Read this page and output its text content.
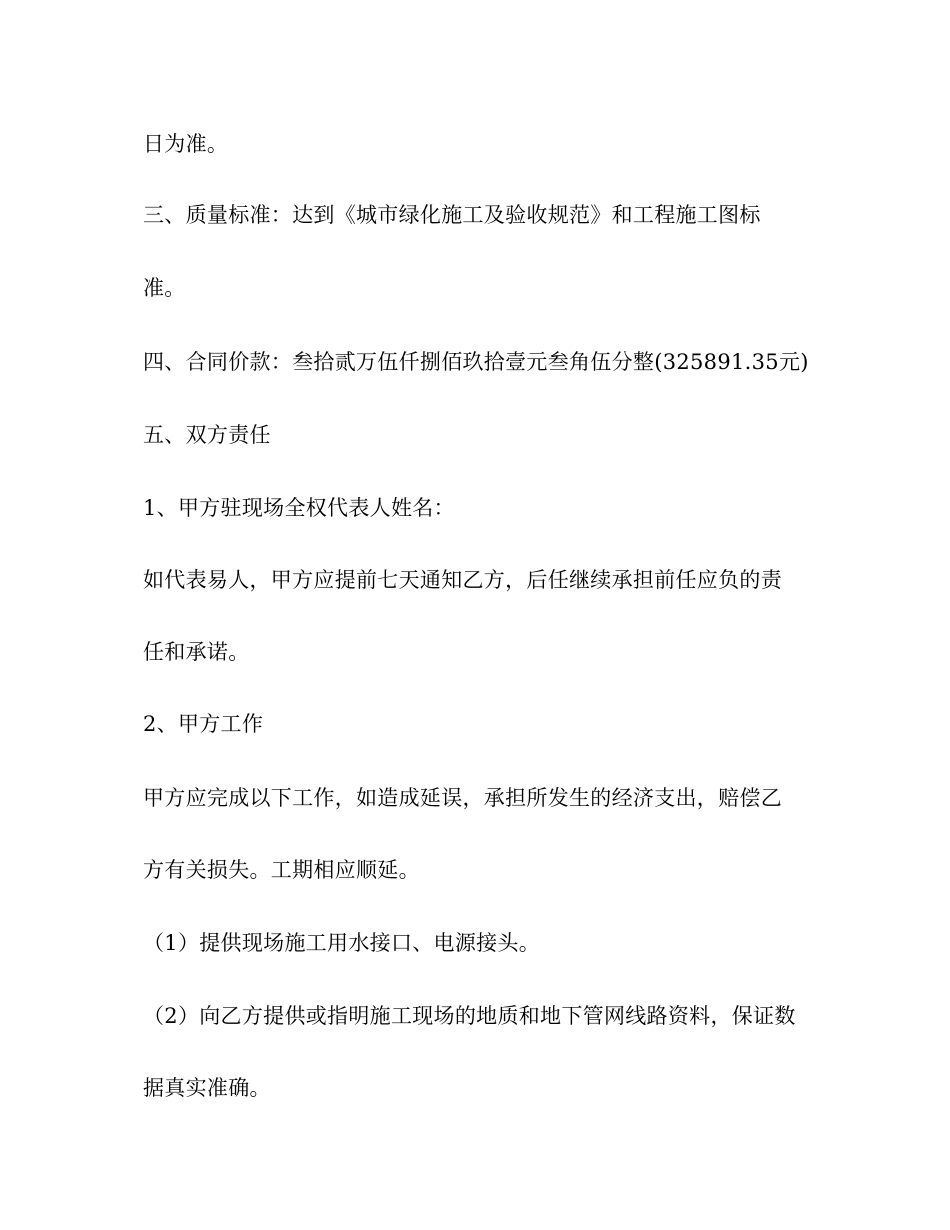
日为准。
三、质量标准：达到《城市绿化施工及验收规范》和工程施工图标
准。
四、合同价款：叁拾贰万伍仟捌佰玖拾壹元叁角伍分整(325891.35元)
五、双方责任
1、甲方驻现场全权代表人姓名：
如代表易人，甲方应提前七天通知乙方，后任继续承担前任应负的责
任和承诺。
2、甲方工作
甲方应完成以下工作，如造成延误，承担所发生的经济支出，赔偿乙
方有关损失。工期相应顺延。
（1）提供现场施工用水接口、电源接头。
（2）向乙方提供或指明施工现场的地质和地下管网线路资料，保证数
据真实准确。
